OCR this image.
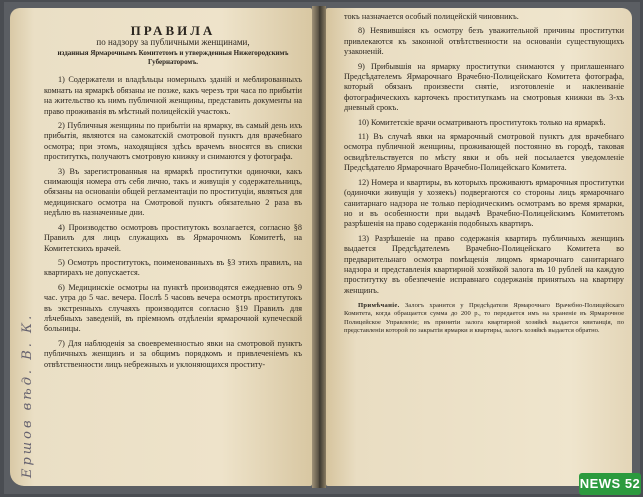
Ершов вѣд. В. К.
ПРАВИЛА
по надзору за публичными женщинами,
изданныя Ярмарочнымъ Комитетомъ и утвержденныя Нижегородскимъ Губернаторомъ.

1) Содержатели и владѣльцы номерныхъ зданій и меблированныхъ комнатъ на ярмаркѣ обязаны не позже, какъ черезъ три часа по прибытіи на жительство къ нимъ публичной женщины, представить документы на право проживанія въ мѣстный полицейскій участокъ.

2) Публичныя женщины по прибытіи на ярмарку, въ самый день ихъ прибытія, являются на самокатскій смотровой пунктъ для врачебнаго осмотра; при этомъ, находящіяся здѣсь врачемъ вносятся въ списки проституткъ, получаютъ смотровую книжку и снимаются у фотографа.

3) Въ зарегистрованныя на ярмаркѣ проститутки одиночки, какъ снимающія номера отъ себя лично, такъ и живущія у содержательницъ, обязаны на основаніи общей регламентаціи по проституціи, являться для медицинскаго осмотра на Смотровой пунктъ обязательно 2 раза въ недѣлю въ назначенные дни.

4) Производство осмотровъ проститутокъ возлагается, согласно §8 Правилъ для лицъ служащихъ въ Ярмарочномъ Комитетѣ, на Комитетскихъ врачей.

5) Осмотръ проститутокъ, поименованныхъ въ §3 этихъ правилъ, на квартирахъ не допускается.

6) Медицинскіе осмотры на пунктѣ производятся ежедневно отъ 9 час. утра до 5 час. вечера. Послѣ 5 часовъ вечера осмотръ проститутокъ въ экстренныхъ случаяхъ производится согласно §19 Правилъ для лѣчебныхъ заведеній, въ пріемномъ отдѣленіи ярмарочной купеческой больницы.

7) Для наблюденія за своевременностью явки на смотровой пунктъ публичныхъ женщинъ и за общимъ порядкомъ и привлеченіемъ къ отвѣтственности лицъ небрежныхъ и уклоняющихся проститу-

токъ назначается особый полицейскій чиновникъ.

8) Неявившіяся къ осмотру безъ уважительной причины проститутки привлекаются къ законной отвѣтственности на основаніи существующихъ узаконеній.

9) Прибывшія на ярмарку проститутки снимаются у приглашеннаго Предсѣдателемъ Ярмарочнаго Врачебно-Полицейскаго Комитета фотографа, который обязанъ произвести снятіе, изготовленіе и наклеиваніе фотографическихъ карточекъ проституткамъ на смотровыя книжки въ 3-хъ дневный срокъ.

10) Комитетскіе врачи осматриваютъ проститутокъ только на ярмаркѣ.

11) Въ случаѣ явки на ярмарочный смотровой пунктъ для врачебнаго осмотра публичной женщины, проживающей постоянно въ городѣ, таковая освидѣтельствуется по мѣсту явки и объ ней посылается уведомленіе Предсѣдателю Ярмарочнаго Врачебно-Полицейскаго Комитета.

12) Номера и квартиры, въ которыхъ проживаютъ ярмарочныя проститутки (одиночки живущія у хозяекъ) подвергаются со стороны лицъ ярмарочнаго санитарнаго надзора не только періодическимъ осмотрамъ во время ярмарки, но и въ особенности при выдачѣ Врачебно-Полицейскимъ Комитетомъ разрѣшенія на право содержанія подобныхъ квартиръ.

13) Разрѣшеніе на право содержанія квартиръ публичныхъ женщинъ выдается Предсѣдателемъ Врачебно-Полицейскаго Комитета во предварительнаго осмотра помѣщенія лицомъ ярмарочнаго санитарнаго надзора и представленія квартирной хозяйкой залога въ 10 рублей на каждую проститутку въ обезпеченіе исправнаго содержанія принятыхъ на квартиру женщинъ.

Примѣчаніе. Залогъ хранится у Предсѣдателя Ярмарочнаго Врачебно-Полицейскаго Комитета, когда обращается сумма до 200 р., то передается имъ на храненіе въ Ярмарочное Полицейское Управленіе; въ принятіи залога квартирной хозяйкѣ выдается квитанція, по представленіи которой по закрытіи ярмарки и квартиры, залогъ хозяйкѣ выдается обратно.
NEWS 52
